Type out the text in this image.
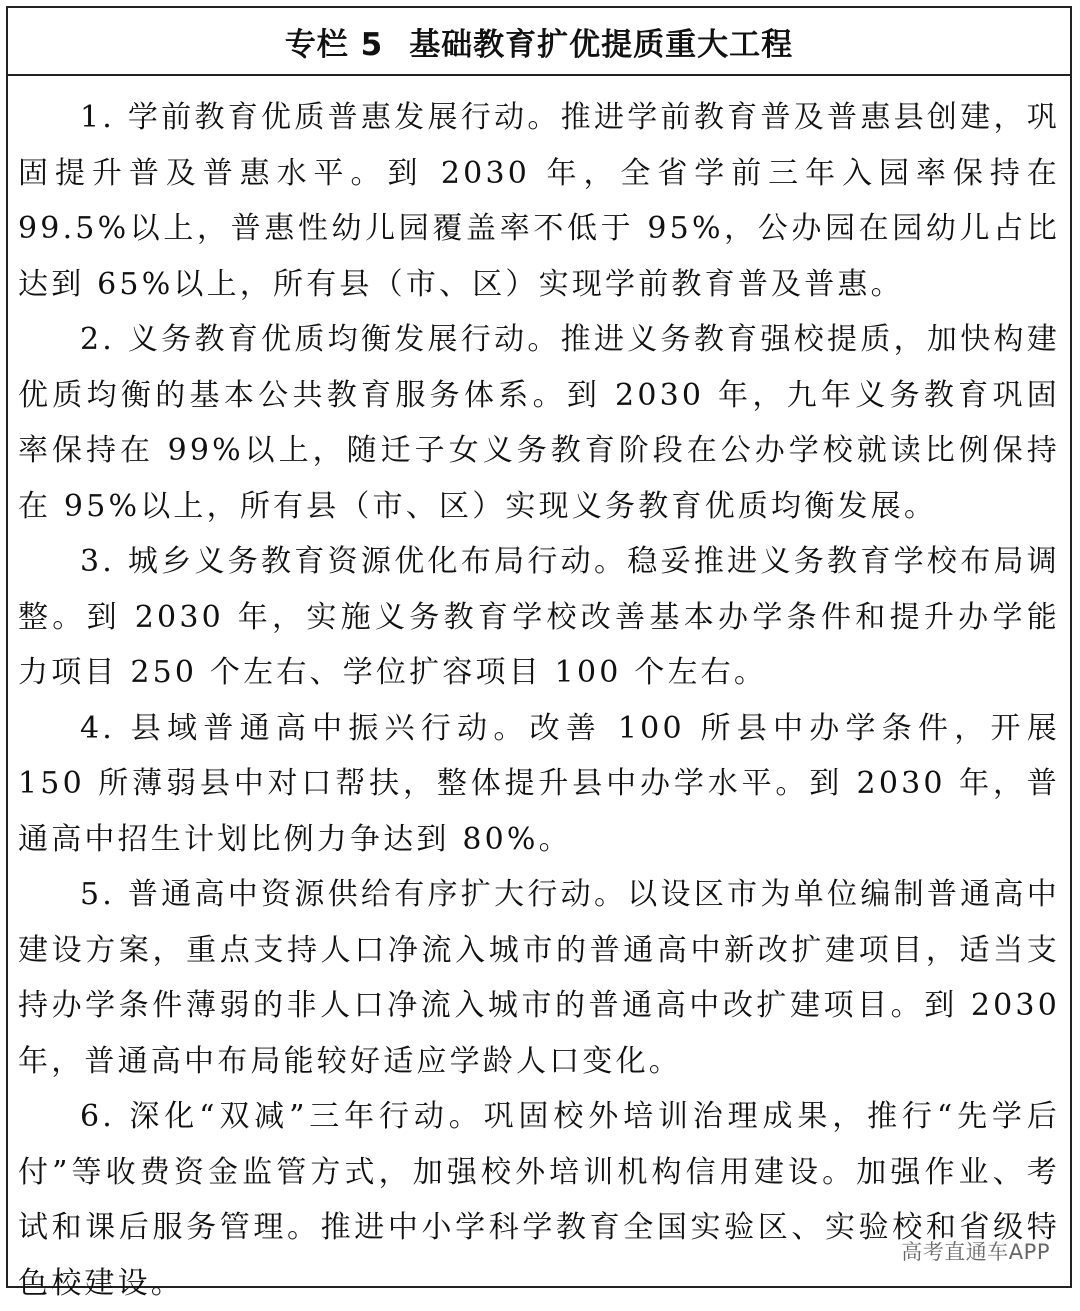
专栏 5 基础教育扩优提质重大工程

1. 学前教育优质普惠发展行动。推进学前教育普及普惠县创建，巩固提升普及普惠水平。到 2030 年，全省学前三年入园率保持在 99.5%以上，普惠性幼儿园覆盖率不低于 95%，公办园在园幼儿占比达到 65%以上，所有县（市、区）实现学前教育普及普惠。

2. 义务教育优质均衡发展行动。推进义务教育强校提质，加快构建优质均衡的基本公共教育服务体系。到 2030 年，九年义务教育巩固率保持在 99%以上，随迁子女义务教育阶段在公办学校就读比例保持在 95%以上，所有县（市、区）实现义务教育优质均衡发展。

3. 城乡义务教育资源优化布局行动。稳妥推进义务教育学校布局调整。到 2030 年，实施义务教育学校改善基本办学条件和提升办学能力项目 250 个左右、学位扩容项目 100 个左右。

4. 县域普通高中振兴行动。改善 100 所县中办学条件，开展 150 所薄弱县中对口帮扶，整体提升县中办学水平。到 2030 年，普通高中招生计划比例力争达到 80%。

5. 普通高中资源供给有序扩大行动。以设区市为单位编制普通高中建设方案，重点支持人口净流入城市的普通高中新改扩建项目，适当支持办学条件薄弱的非人口净流入城市的普通高中改扩建项目。到 2030 年，普通高中布局能较好适应学龄人口变化。

6. 深化“双减”三年行动。巩固校外培训治理成果，推行“先学后付”等收费资金监管方式，加强校外培训机构信用建设。加强作业、考试和课后服务管理。推进中小学科学教育全国实验区、实验校和省级特色校建设。

高考直通车APP
